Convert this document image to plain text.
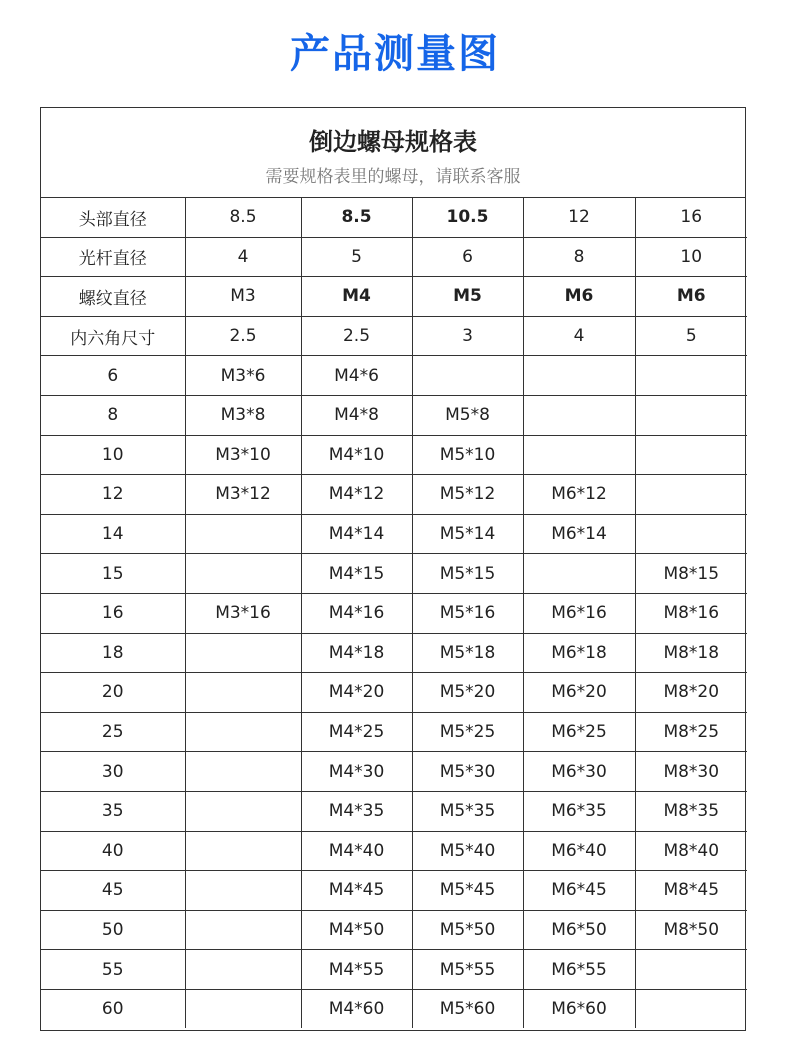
产品测量图
倒边螺母规格表
需要规格表里的螺母，请联系客服
头部直径	8.5	8.5	10.5	12	16
光杆直径	4	5	6	8	10
螺纹直径	M3	M4	M5	M6	M6
内六角尺寸	2.5	2.5	3	4	5
6	M3*6	M4*6			
8	M3*8	M4*8	M5*8		
10	M3*10	M4*10	M5*10		
12	M3*12	M4*12	M5*12	M6*12	
14		M4*14	M5*14	M6*14	
15		M4*15	M5*15		M8*15
16	M3*16	M4*16	M5*16	M6*16	M8*16
18		M4*18	M5*18	M6*18	M8*18
20		M4*20	M5*20	M6*20	M8*20
25		M4*25	M5*25	M6*25	M8*25
30		M4*30	M5*30	M6*30	M8*30
35		M4*35	M5*35	M6*35	M8*35
40		M4*40	M5*40	M6*40	M8*40
45		M4*45	M5*45	M6*45	M8*45
50		M4*50	M5*50	M6*50	M8*50
55		M4*55	M5*55	M6*55	
60		M4*60	M5*60	M6*60	
